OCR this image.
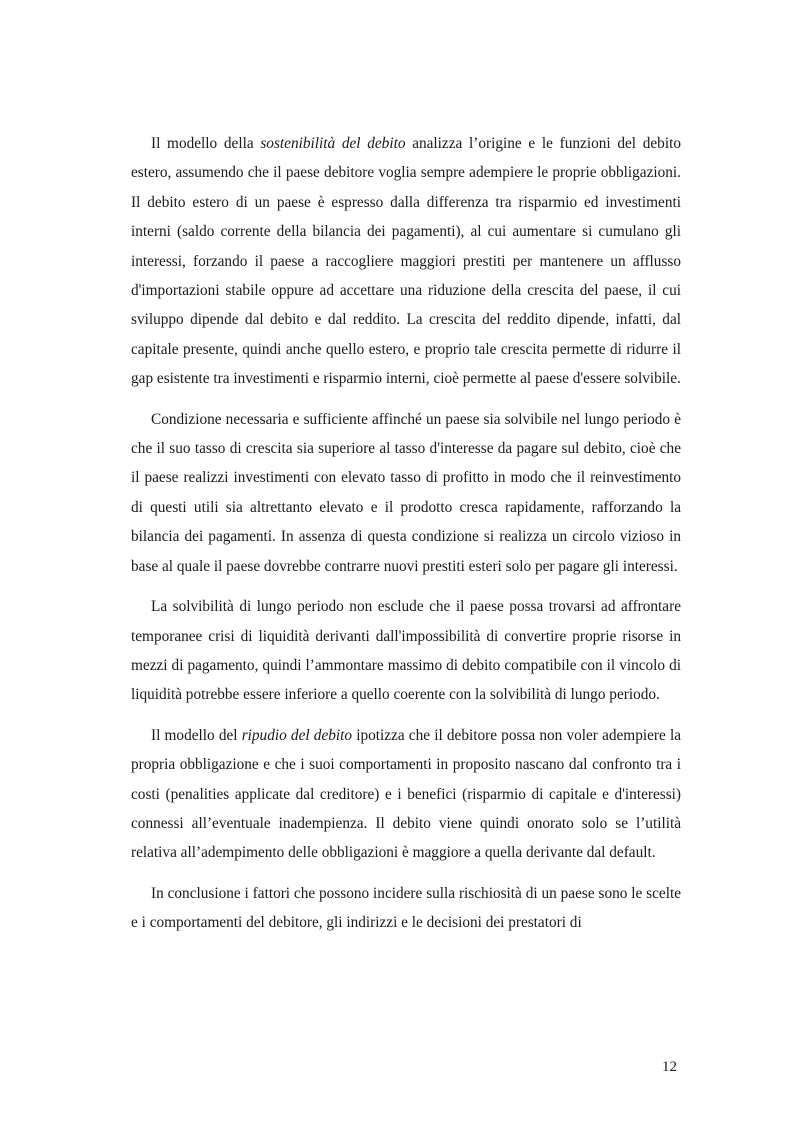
Il modello della sostenibilità del debito analizza l’origine e le funzioni del debito estero, assumendo che il paese debitore voglia sempre adempiere le proprie obbligazioni. Il debito estero di un paese è espresso dalla differenza tra risparmio ed investimenti interni (saldo corrente della bilancia dei pagamenti), al cui aumentare si cumulano gli interessi, forzando il paese a raccogliere maggiori prestiti per mantenere un afflusso d'importazioni stabile oppure ad accettare una riduzione della crescita del paese, il cui sviluppo dipende dal debito e dal reddito. La crescita del reddito dipende, infatti, dal capitale presente, quindi anche quello estero, e proprio tale crescita permette di ridurre il gap esistente tra investimenti e risparmio interni, cioè permette al paese d'essere solvibile.

Condizione necessaria e sufficiente affinché un paese sia solvibile nel lungo periodo è che il suo tasso di crescita sia superiore al tasso d'interesse da pagare sul debito, cioè che il paese realizzi investimenti con elevato tasso di profitto in modo che il reinvestimento di questi utili sia altrettanto elevato e il prodotto cresca rapidamente, rafforzando la bilancia dei pagamenti. In assenza di questa condizione si realizza un circolo vizioso in base al quale il paese dovrebbe contrarre nuovi prestiti esteri solo per pagare gli interessi.

La solvibilità di lungo periodo non esclude che il paese possa trovarsi ad affrontare temporanee crisi di liquidità derivanti dall'impossibilità di convertire proprie risorse in mezzi di pagamento, quindi l’ammontare massimo di debito compatibile con il vincolo di liquidità potrebbe essere inferiore a quello coerente con la solvibilità di lungo periodo.

Il modello del ripudio del debito ipotizza che il debitore possa non voler adempiere la propria obbligazione e che i suoi comportamenti in proposito nascano dal confronto tra i costi (penalities applicate dal creditore) e i benefici (risparmio di capitale e d'interessi) connessi all’eventuale inadempienza. Il debito viene quindi onorato solo se l’utilità relativa all’adempimento delle obbligazioni è maggiore a quella derivante dal default.

In conclusione i fattori che possono incidere sulla rischiosità di un paese sono le scelte e i comportamenti del debitore, gli indirizzi e le decisioni dei prestatori di

12
